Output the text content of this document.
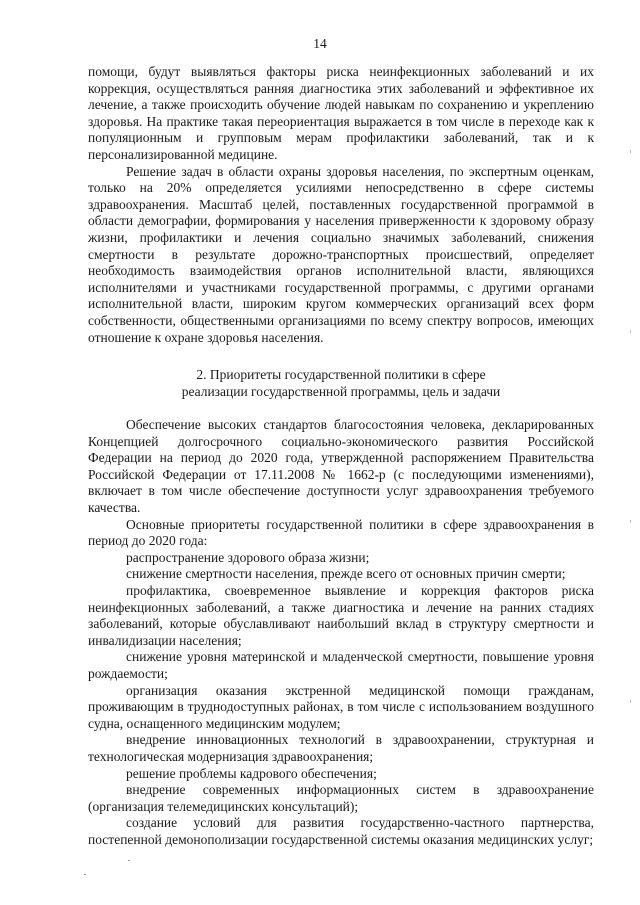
14

помощи, будут выявляться факторы риска неинфекционных заболеваний и их коррекция, осуществляться ранняя диагностика этих заболеваний и эффективное их лечение, а также происходить обучение людей навыкам по сохранению и укреплению здоровья. На практике такая переориентация выражается в том числе в переходе как к популяционным и групповым мерам профилактики заболеваний, так и к персонализированной медицине.

Решение задач в области охраны здоровья населения, по экспертным оценкам, только на 20% определяется усилиями непосредственно в сфере системы здравоохранения. Масштаб целей, поставленных государственной программой в области демографии, формирования у населения приверженности к здоровому образу жизни, профилактики и лечения социально значимых заболеваний, снижения смертности в результате дорожно-транспортных происшествий, определяет необходимость взаимодействия органов исполнительной власти, являющихся исполнителями и участниками государственной программы, с другими органами исполнительной власти, широким кругом коммерческих организаций всех форм собственности, общественными организациями по всему спектру вопросов, имеющих отношение к охране здоровья населения.

2. Приоритеты государственной политики в сфере
реализации государственной программы, цель и задачи

Обеспечение высоких стандартов благосостояния человека, декларированных Концепцией долгосрочного социально-экономического развития Российской Федерации на период до 2020 года, утвержденной распоряжением Правительства Российской Федерации от 17.11.2008 № 1662-р (с последующими изменениями), включает в том числе обеспечение доступности услуг здравоохранения требуемого качества.

Основные приоритеты государственной политики в сфере здравоохранения в период до 2020 года:

распространение здорового образа жизни;

снижение смертности населения, прежде всего от основных причин смерти;

профилактика, своевременное выявление и коррекция факторов риска неинфекционных заболеваний, а также диагностика и лечение на ранних стадиях заболеваний, которые обуславливают наибольший вклад в структуру смертности и инвалидизации населения;

снижение уровня материнской и младенческой смертности, повышение уровня рождаемости;

организация оказания экстренной медицинской помощи гражданам, проживающим в труднодоступных районах, в том числе с использованием воздушного судна, оснащенного медицинским модулем;

внедрение инновационных технологий в здравоохранении, структурная и технологическая модернизация здравоохранения;

решение проблемы кадрового обеспечения;

внедрение современных информационных систем в здравоохранение (организация телемедицинских консультаций);

создание условий для развития государственно-частного партнерства, постепенной демонополизации государственной системы оказания медицинских услуг;
